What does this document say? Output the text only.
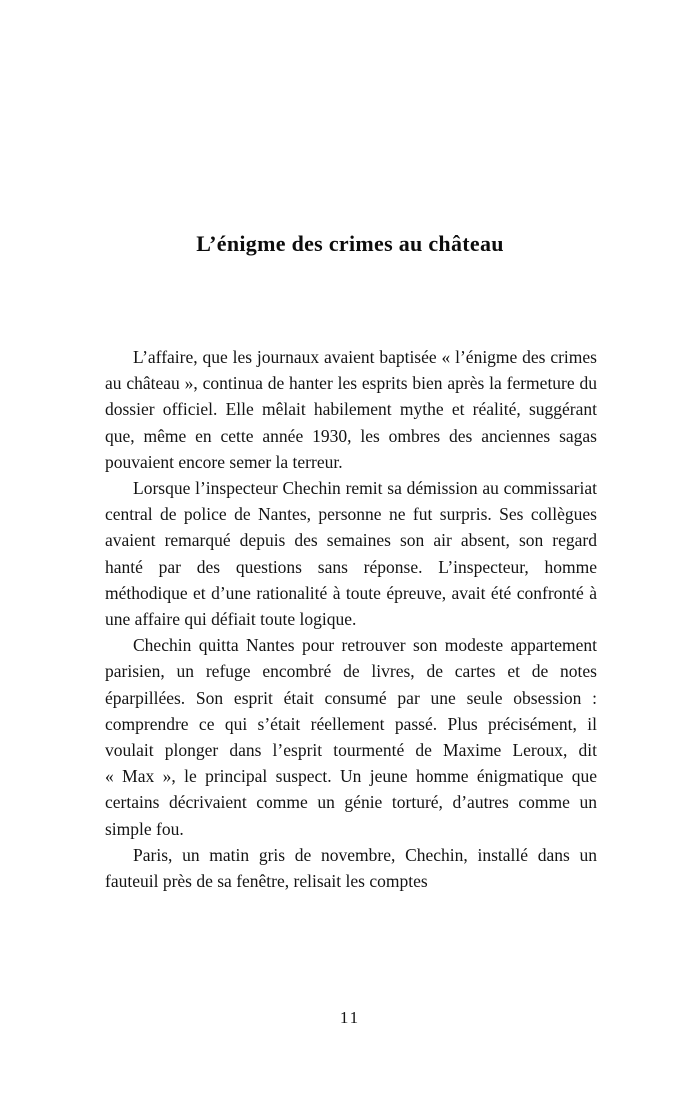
L’énigme des crimes au château

L’affaire, que les journaux avaient baptisée « l’énigme des crimes au château », continua de hanter les esprits bien après la fermeture du dossier officiel. Elle mêlait habilement mythe et réalité, suggérant que, même en cette année 1930, les ombres des anciennes sagas pouvaient encore semer la terreur.

Lorsque l’inspecteur Chechin remit sa démission au commissariat central de police de Nantes, personne ne fut surpris. Ses collègues avaient remarqué depuis des semaines son air absent, son regard hanté par des questions sans réponse. L’inspecteur, homme méthodique et d’une rationalité à toute épreuve, avait été confronté à une affaire qui défiait toute logique.

Chechin quitta Nantes pour retrouver son modeste appartement parisien, un refuge encombré de livres, de cartes et de notes éparpillées. Son esprit était consumé par une seule obsession : comprendre ce qui s’était réellement passé. Plus précisément, il voulait plonger dans l’esprit tourmenté de Maxime Leroux, dit « Max », le principal suspect. Un jeune homme énigmatique que certains décrivaient comme un génie torturé, d’autres comme un simple fou.

Paris, un matin gris de novembre, Chechin, installé dans un fauteuil près de sa fenêtre, relisait les comptes

11
